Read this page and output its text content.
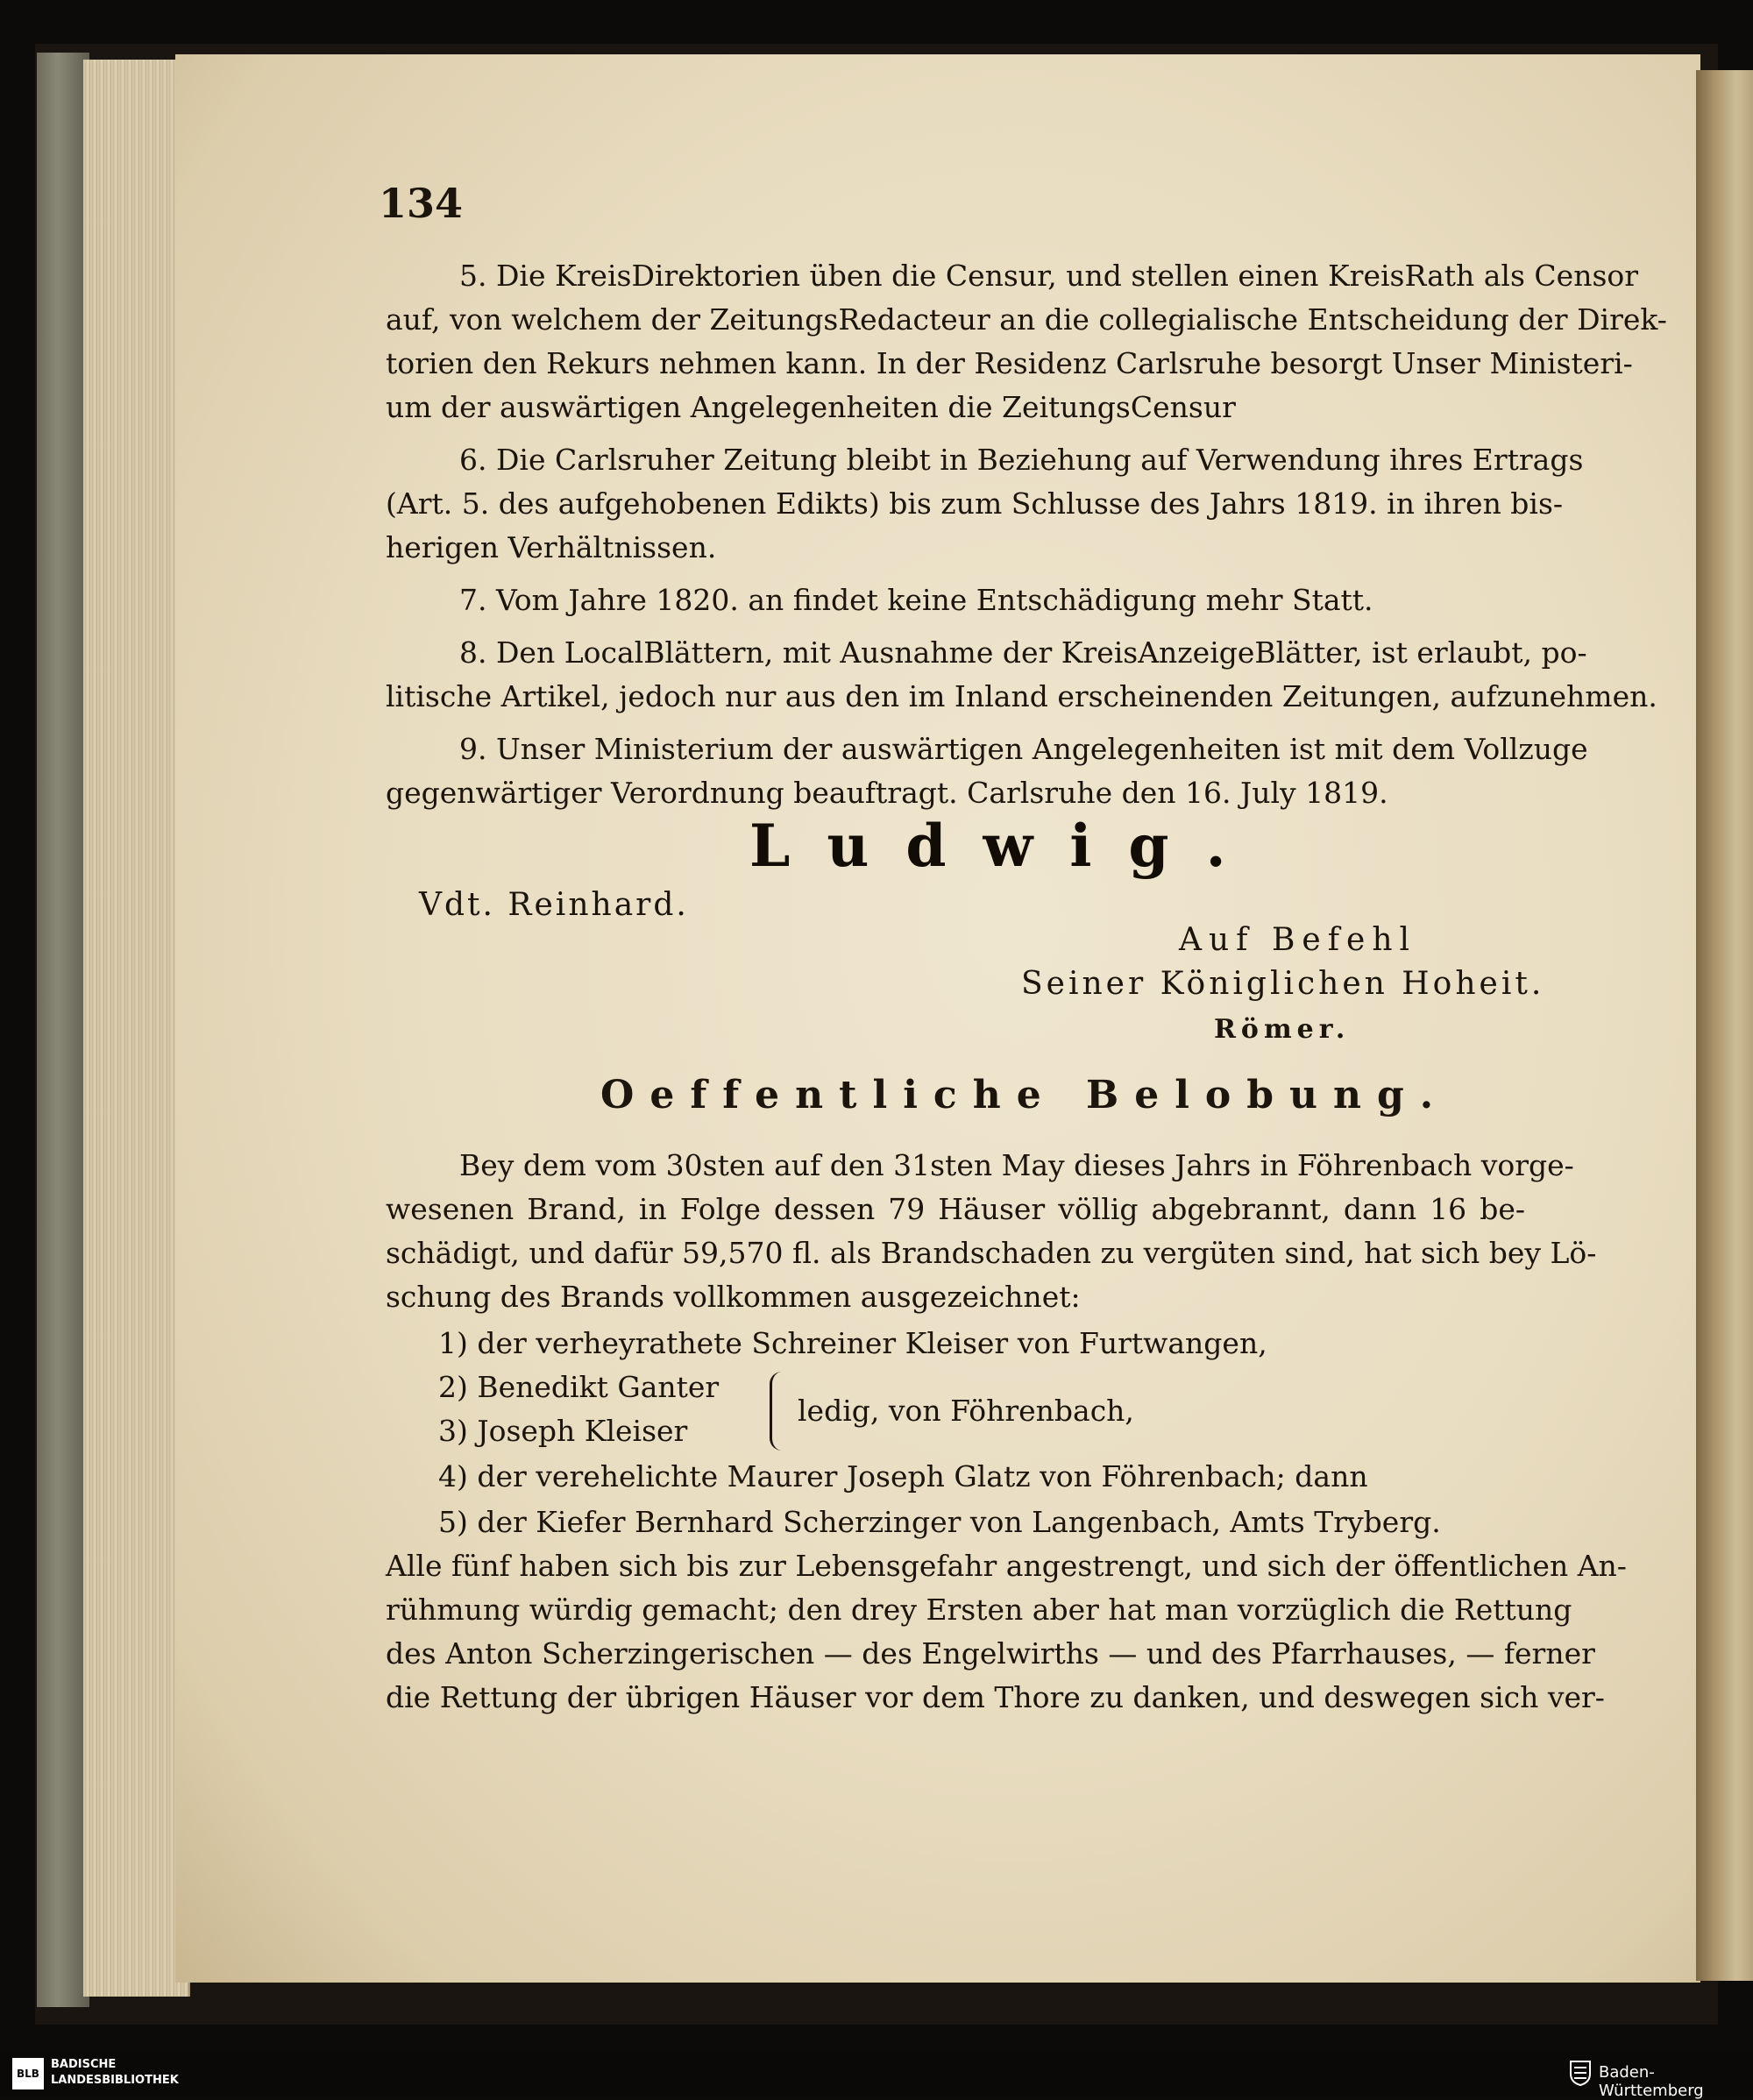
134
5. Die KreisDirektorien üben die Censur, und stellen einen KreisRath als Censor
auf, von welchem der ZeitungsRedacteur an die collegialische Entscheidung der Direk-
torien den Rekurs nehmen kann. In der Residenz Carlsruhe besorgt Unser Ministeri-
um der auswärtigen Angelegenheiten die ZeitungsCensur
6. Die Carlsruher Zeitung bleibt in Beziehung auf Verwendung ihres Ertrags
(Art. 5. des aufgehobenen Edikts) bis zum Schlusse des Jahrs 1819. in ihren bis-
herigen Verhältnissen.
7. Vom Jahre 1820. an findet keine Entschädigung mehr Statt.
8. Den LocalBlättern, mit Ausnahme der KreisAnzeigeBlätter, ist erlaubt, po-
litische Artikel, jedoch nur aus den im Inland erscheinenden Zeitungen, aufzunehmen.
9. Unser Ministerium der auswärtigen Angelegenheiten ist mit dem Vollzuge
gegenwärtiger Verordnung beauftragt. Carlsruhe den 16. July 1819.
Ludwig.
Vdt. Reinhard.
Auf Befehl
Seiner Königlichen Hoheit.
Römer.
Oeffentliche Belobung.
Bey dem vom 30sten auf den 31sten May dieses Jahrs in Föhrenbach vorge-
wesenen Brand, in Folge dessen 79 Häuser völlig abgebrannt, dann 16 be-
schädigt, und dafür 59,570 fl. als Brandschaden zu vergüten sind, hat sich bey Lö-
schung des Brands vollkommen ausgezeichnet:
1) der verheyrathete Schreiner Kleiser von Furtwangen,
2) Benedikt Ganter
3) Joseph Kleiser
ledig, von Föhrenbach,
4) der verehelichte Maurer Joseph Glatz von Föhrenbach; dann
5) der Kiefer Bernhard Scherzinger von Langenbach, Amts Tryberg.
Alle fünf haben sich bis zur Lebensgefahr angestrengt, und sich der öffentlichen An-
rühmung würdig gemacht; den drey Ersten aber hat man vorzüglich die Rettung
des Anton Scherzingerischen — des Engelwirths — und des Pfarrhauses, — ferner
die Rettung der übrigen Häuser vor dem Thore zu danken, und deswegen sich ver-
BLB
BADISCHE
LANDESBIBLIOTHEK	Baden-Württemberg
